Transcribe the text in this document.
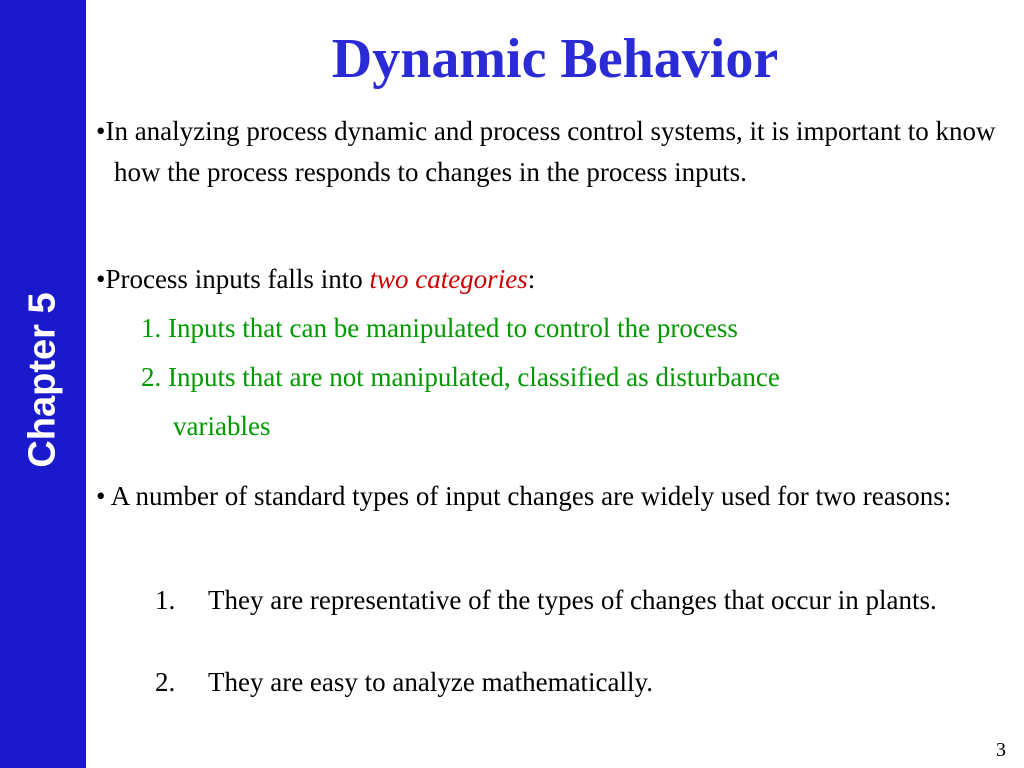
Chapter 5
Dynamic Behavior
•In analyzing process dynamic and process control systems, it is important to know how the process responds to changes in the process inputs.
•Process inputs falls into two categories:
1. Inputs that can be manipulated to control the process
2. Inputs that are not manipulated, classified as disturbance
variables
• A number of standard types of input changes are widely used for two reasons:
1. They are representative of the types of changes that occur in plants.
2. They are easy to analyze mathematically.
3
